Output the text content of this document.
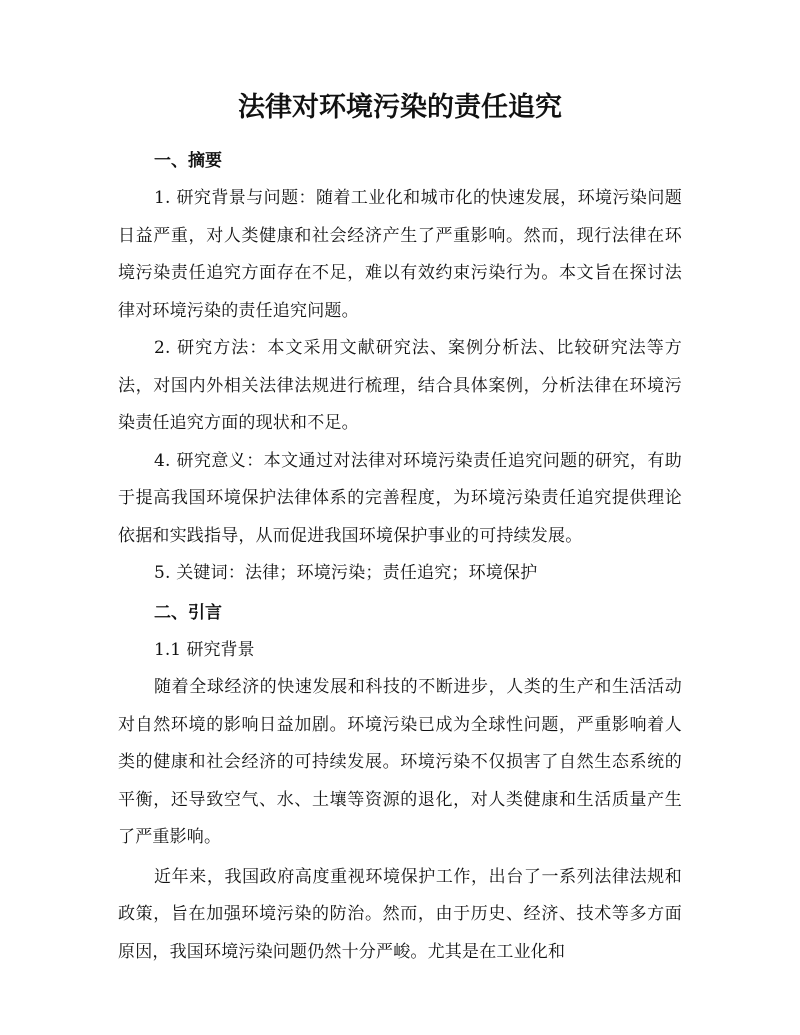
法律对环境污染的责任追究
一、摘要

1. 研究背景与问题：随着工业化和城市化的快速发展，环境污染问题日益严重，对人类健康和社会经济产生了严重影响。然而，现行法律在环境污染责任追究方面存在不足，难以有效约束污染行为。本文旨在探讨法律对环境污染的责任追究问题。

2. 研究方法：本文采用文献研究法、案例分析法、比较研究法等方法，对国内外相关法律法规进行梳理，结合具体案例，分析法律在环境污染责任追究方面的现状和不足。

4. 研究意义：本文通过对法律对环境污染责任追究问题的研究，有助于提高我国环境保护法律体系的完善程度，为环境污染责任追究提供理论依据和实践指导，从而促进我国环境保护事业的可持续发展。

5. 关键词：法律；环境污染；责任追究；环境保护

二、引言
1.1 研究背景

随着全球经济的快速发展和科技的不断进步，人类的生产和生活活动对自然环境的影响日益加剧。环境污染已成为全球性问题，严重影响着人类的健康和社会经济的可持续发展。环境污染不仅损害了自然生态系统的平衡，还导致空气、水、土壤等资源的退化，对人类健康和生活质量产生了严重影响。

近年来，我国政府高度重视环境保护工作，出台了一系列法律法规和政策，旨在加强环境污染的防治。然而，由于历史、经济、技术等多方面原因，我国环境污染问题仍然十分严峻。尤其是在工业化和
